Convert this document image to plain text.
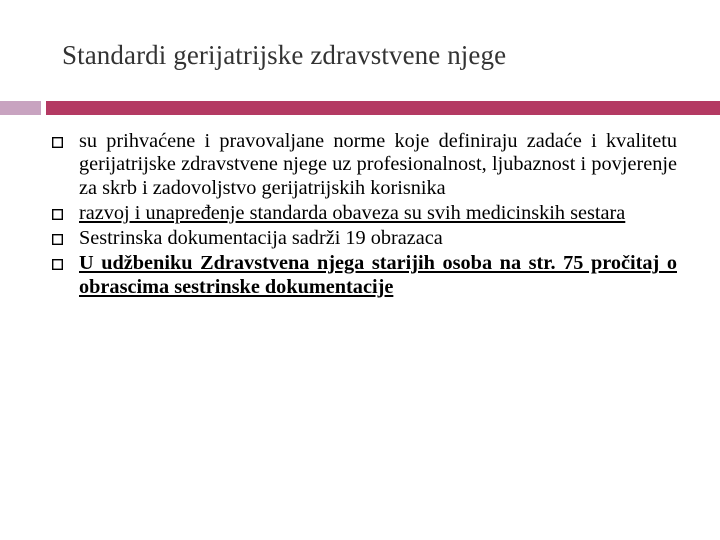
Standardi gerijatrijske zdravstvene njege
su prihvaćene i pravovaljane norme koje definiraju zadaće i kvalitetu gerijatrijske zdravstvene njege uz profesionalnost, ljubaznost i povjerenje za skrb i zadovoljstvo gerijatrijskih korisnika
razvoj i unapređenje standarda obaveza su svih medicinskih sestara
Sestrinska dokumentacija sadrži 19 obrazaca
U udžbeniku Zdravstvena njega starijih osoba na str. 75 pročitaj o obrascima sestrinske dokumentacije
